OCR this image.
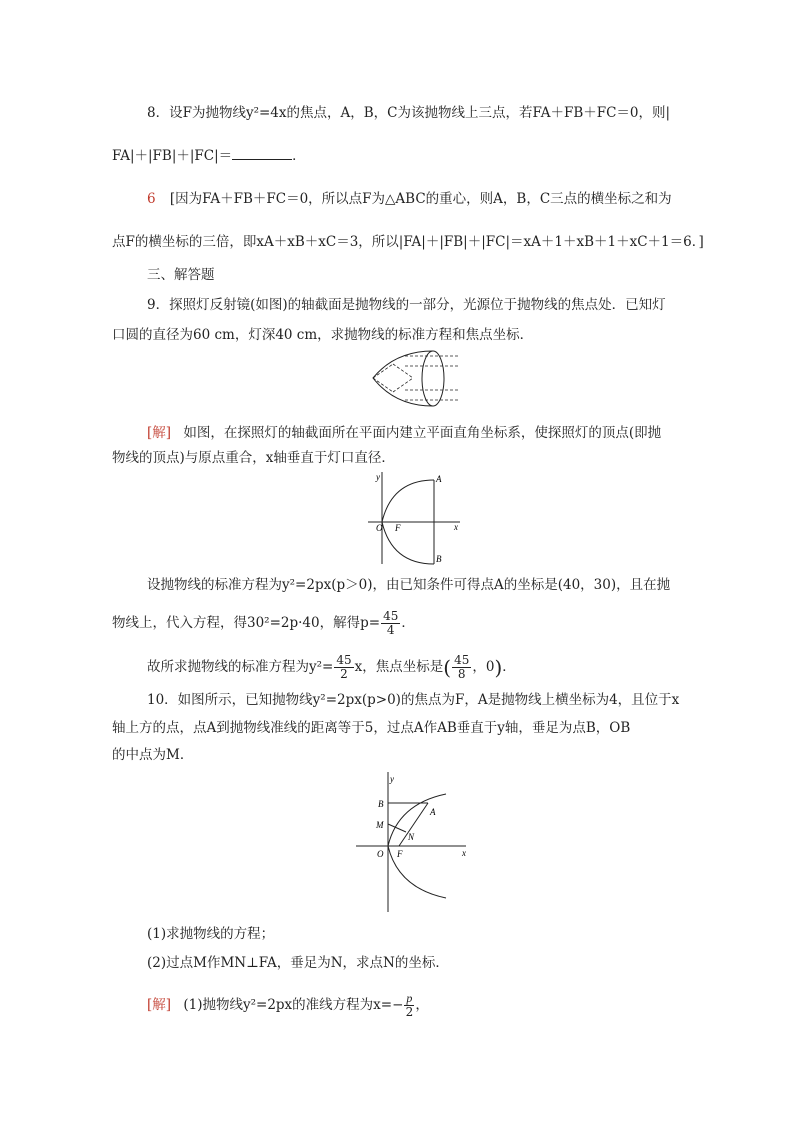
8．设F为抛物线y²=4x的焦点，A，B，C为该抛物线上三点，若FA＋FB＋FC＝0，则|
FA|＋|FB|＋|FC|＝	．
6 [因为FA＋FB＋FC＝0，所以点F为△ABC的重心，则A，B，C三点的横坐标之和为
点F的横坐标的三倍，即xA＋xB＋xC＝3，所以|FA|＋|FB|＋|FC|＝xA＋1＋xB＋1＋xC＋1＝6．]
三、解答题
9．探照灯反射镜(如图)的轴截面是抛物线的一部分，光源位于抛物线的焦点处．已知灯
口圆的直径为60 cm，灯深40 cm，求抛物线的标准方程和焦点坐标．
[解] 如图，在探照灯的轴截面所在平面内建立平面直角坐标系，使探照灯的顶点(即抛
物线的顶点)与原点重合，x轴垂直于灯口直径．
y
x
O F
A
B
设抛物线的标准方程为y²=2px(p＞0)，由已知条件可得点A的坐标是(40，30)，且在抛
物线上，代入方程，得30²=2p·40，解得$p= \frac{45}{4}$ ．
故所求抛物线的标准方程为$y^2= \frac{45}{2}$ x，焦点坐标是( $\frac{45}{8}$ ，0)．
10．如图所示，已知抛物线y²=2px(p>0)的焦点为F，A是抛物线上横坐标为4，且位于x
轴上方的点，点A到抛物线准线的距离等于5，过点A作AB垂直于y轴，垂足为点B，OB
的中点为M．
y
x
O F
A
B
M
N
(1)求抛物线的方程；
(2)过点M作MN⊥FA，垂足为N，求点N的坐标．
[解] (1)抛物线y²=2px的准线方程为$x=- \frac{p}{2}$ ，
